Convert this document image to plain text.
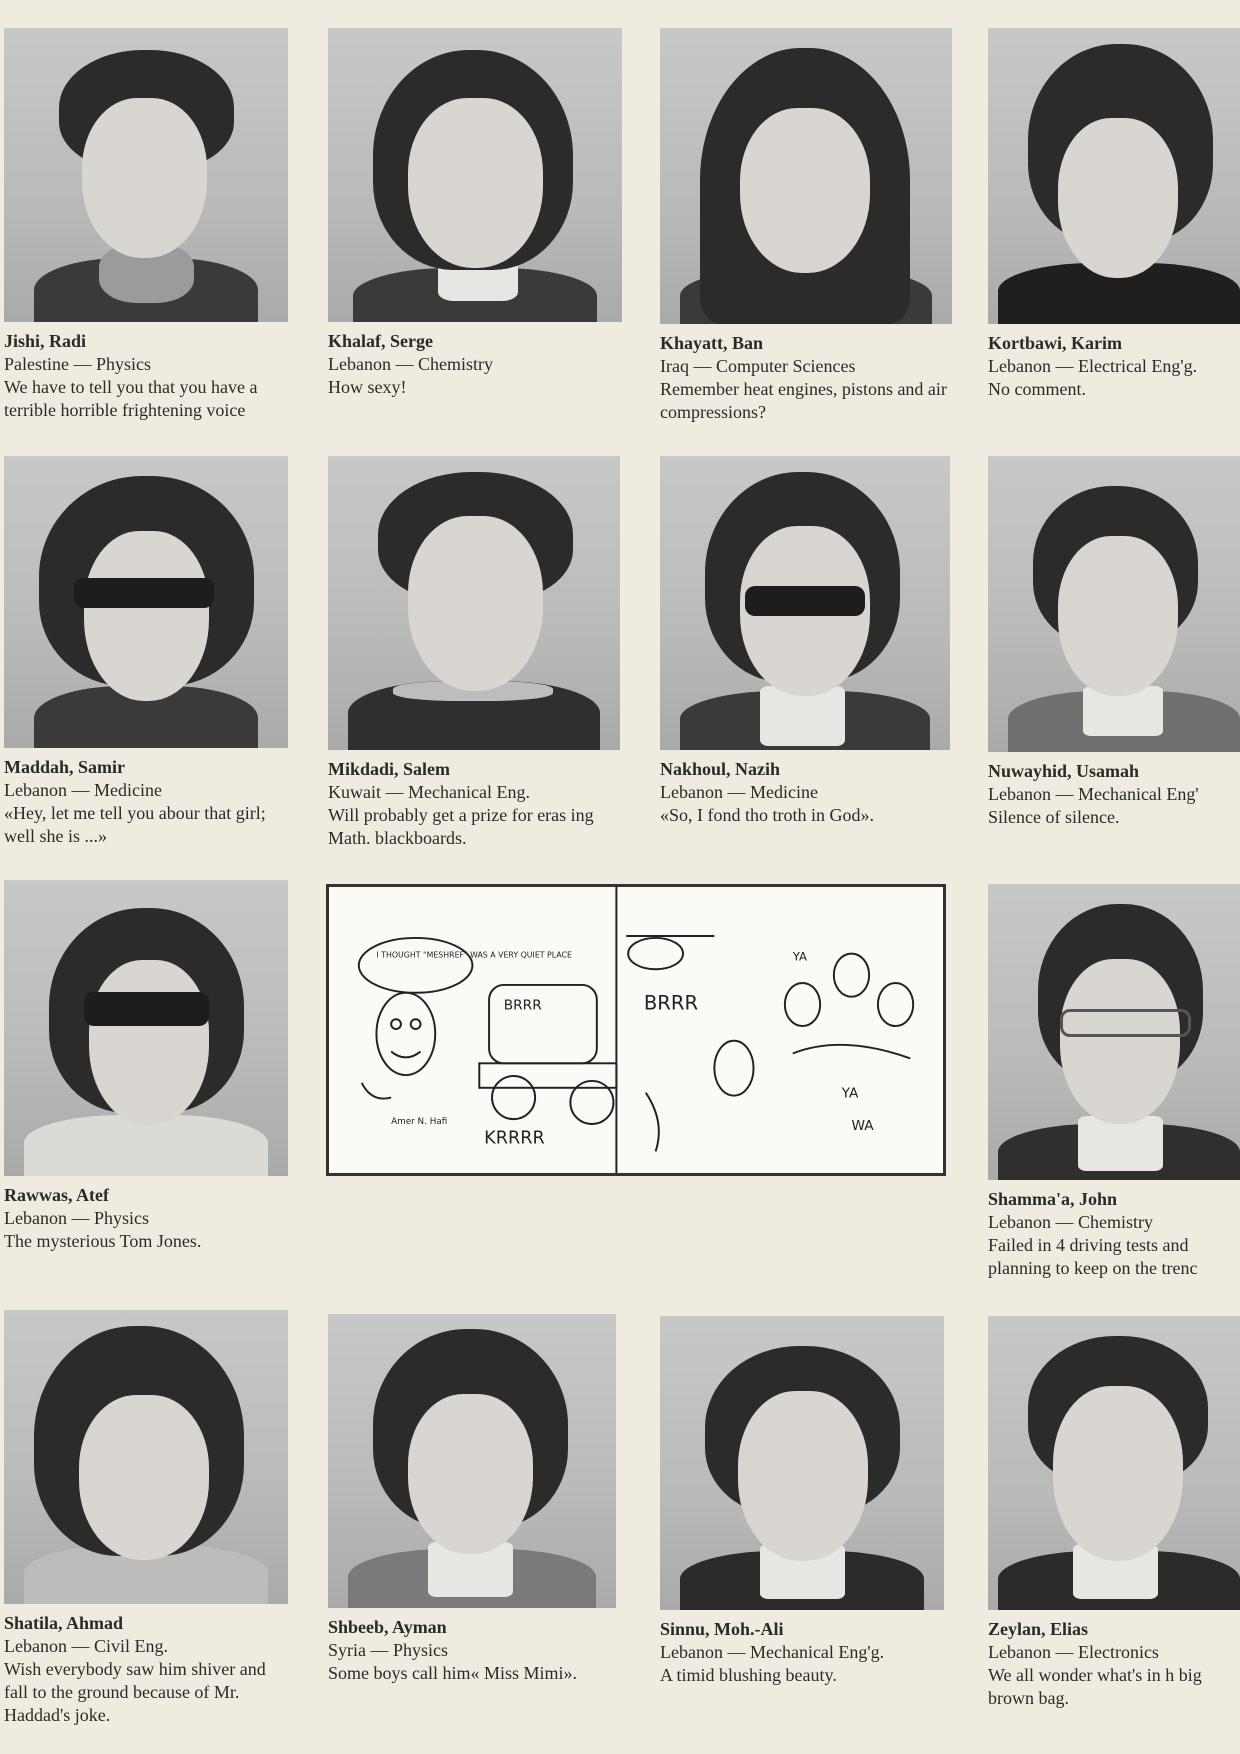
Jishi, Radi
Palestine — Physics
We have to tell you that you have a terrible horrible frightening voice
Khalaf, Serge
Lebanon — Chemistry
How sexy!
Khayatt, Ban
Iraq — Computer Sciences
Remember heat engines, pistons and air compressions?
Kortbawi, Karim
Lebanon — Electrical Eng'g.
No comment.
Maddah, Samir
Lebanon — Medicine
«Hey, let me tell you abour that girl; well she is ...»
Mikdadi, Salem
Kuwait — Mechanical Eng.
Will probably get a prize for eras ing Math. blackboards.
Nakhoul, Nazih
Lebanon — Medicine
«So, I fond tho troth in God».
Nuwayhid, Usamah
Lebanon — Mechanical Eng'
Silence of silence.
Rawwas, Atef
Lebanon — Physics
The mysterious Tom Jones.
I THOUGHT "MESHREF" WAS A VERY QUIET PLACE
Amer N. Hafi
BRRR
KRRRR
BRRR
YA
WA
YA
Shamma'a, John
Lebanon — Chemistry
Failed in 4 driving tests and planning to keep on the trenc
Shatila, Ahmad
Lebanon — Civil Eng.
Wish everybody saw him shiver and fall to the ground because of Mr. Haddad's joke.
Shbeeb, Ayman
Syria — Physics
Some boys call him« Miss Mimi».
Sinnu, Moh.-Ali
Lebanon — Mechanical Eng'g.
A timid blushing beauty.
Zeylan, Elias
Lebanon — Electronics
We all wonder what's in h big brown bag.
